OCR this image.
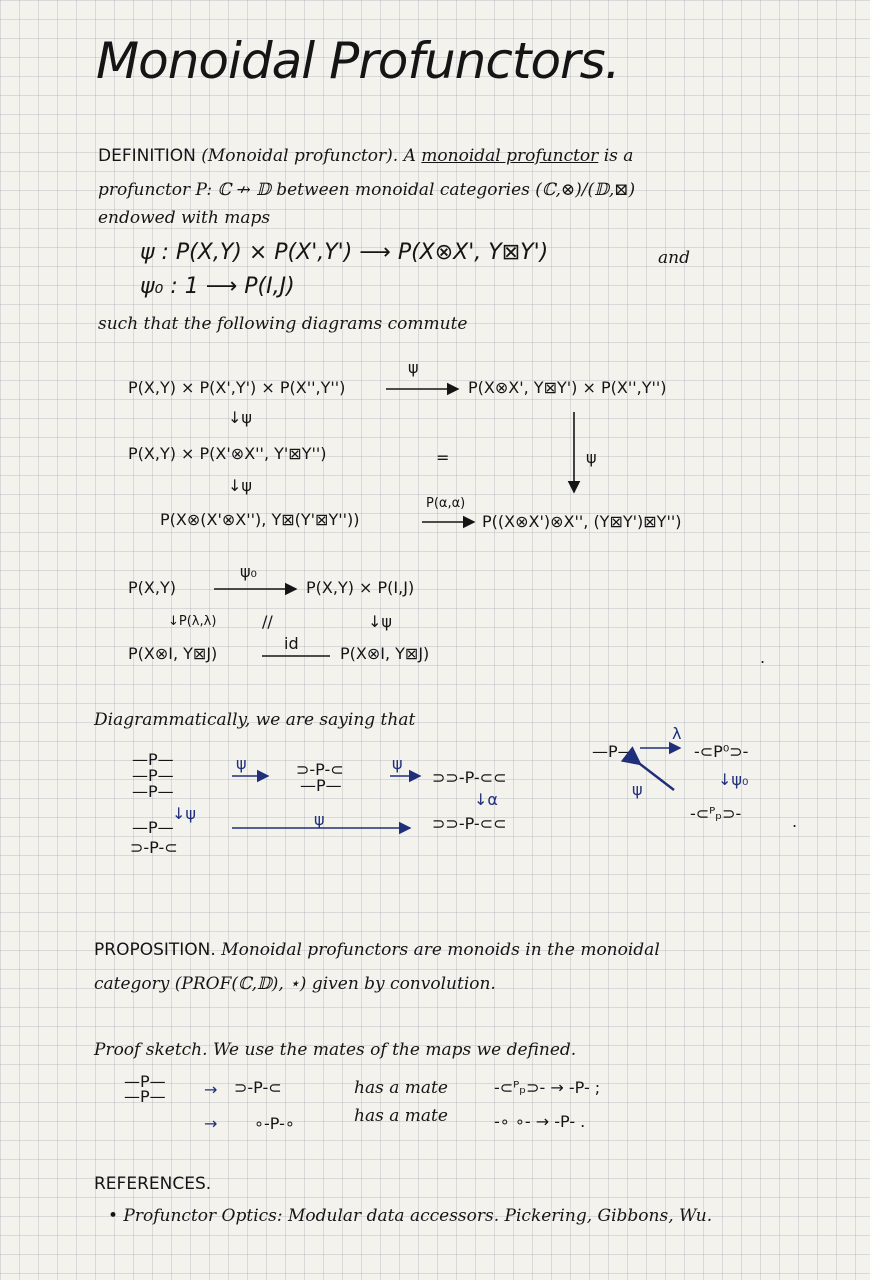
Monoidal Profunctors.
DEFINITION (Monoidal profunctor). A monoidal profunctor is a
profunctor P: ℂ ↛ 𝔻 between monoidal categories (ℂ,⊗)/(𝔻,⊠)
endowed with maps
ψ : P(X,Y) × P(X',Y') ⟶ P(X⊗X', Y⊠Y')	and
ψ₀ : 1 ⟶ P(I,J)
such that the following diagrams commute
P(X,Y) × P(X',Y') × P(X'',Y'')
ψ
P(X⊗X', Y⊠Y') × P(X'',Y'')
↓ψ
P(X,Y) × P(X'⊗X'', Y'⊠Y'')	=	ψ
↓ψ
P(X⊗(X'⊗X''), Y⊠(Y'⊠Y''))
P(α,α)
P((X⊗X')⊗X'', (Y⊠Y')⊠Y'')
P(X,Y)
ψ₀
P(X,Y) × P(I,J)
↓P(λ,λ)	//	↓ψ
P(X⊗I, Y⊠J)
id
P(X⊗I, Y⊠J)	.
Diagrammatically, we are saying that
—P—
—P—
—P—
ψ	⊃-P-⊂
—P—
ψ
⊃⊃-P-⊂⊂
↓α
⊃⊃-P-⊂⊂
↓ψ
—P—
⊃-P-⊂
ψ
—P—
λ
-⊂P⁰⊃-
ψ
↓ψ₀
-⊂ᴾₚ⊃-	.
PROPOSITION. Monoidal profunctors are monoids in the monoidal
category (PROF(ℂ,𝔻), ⋆) given by convolution.
Proof sketch. We use the mates of the maps we defined.
—P—
—P— → ⊃-P-⊂	has a mate	-⊂ᴾₚ⊃- → -P- ;
→ ∘-P-∘	has a mate	-∘ ∘- → -P- .
REFERENCES.
• Profunctor Optics: Modular data accessors. Pickering, Gibbons, Wu.
